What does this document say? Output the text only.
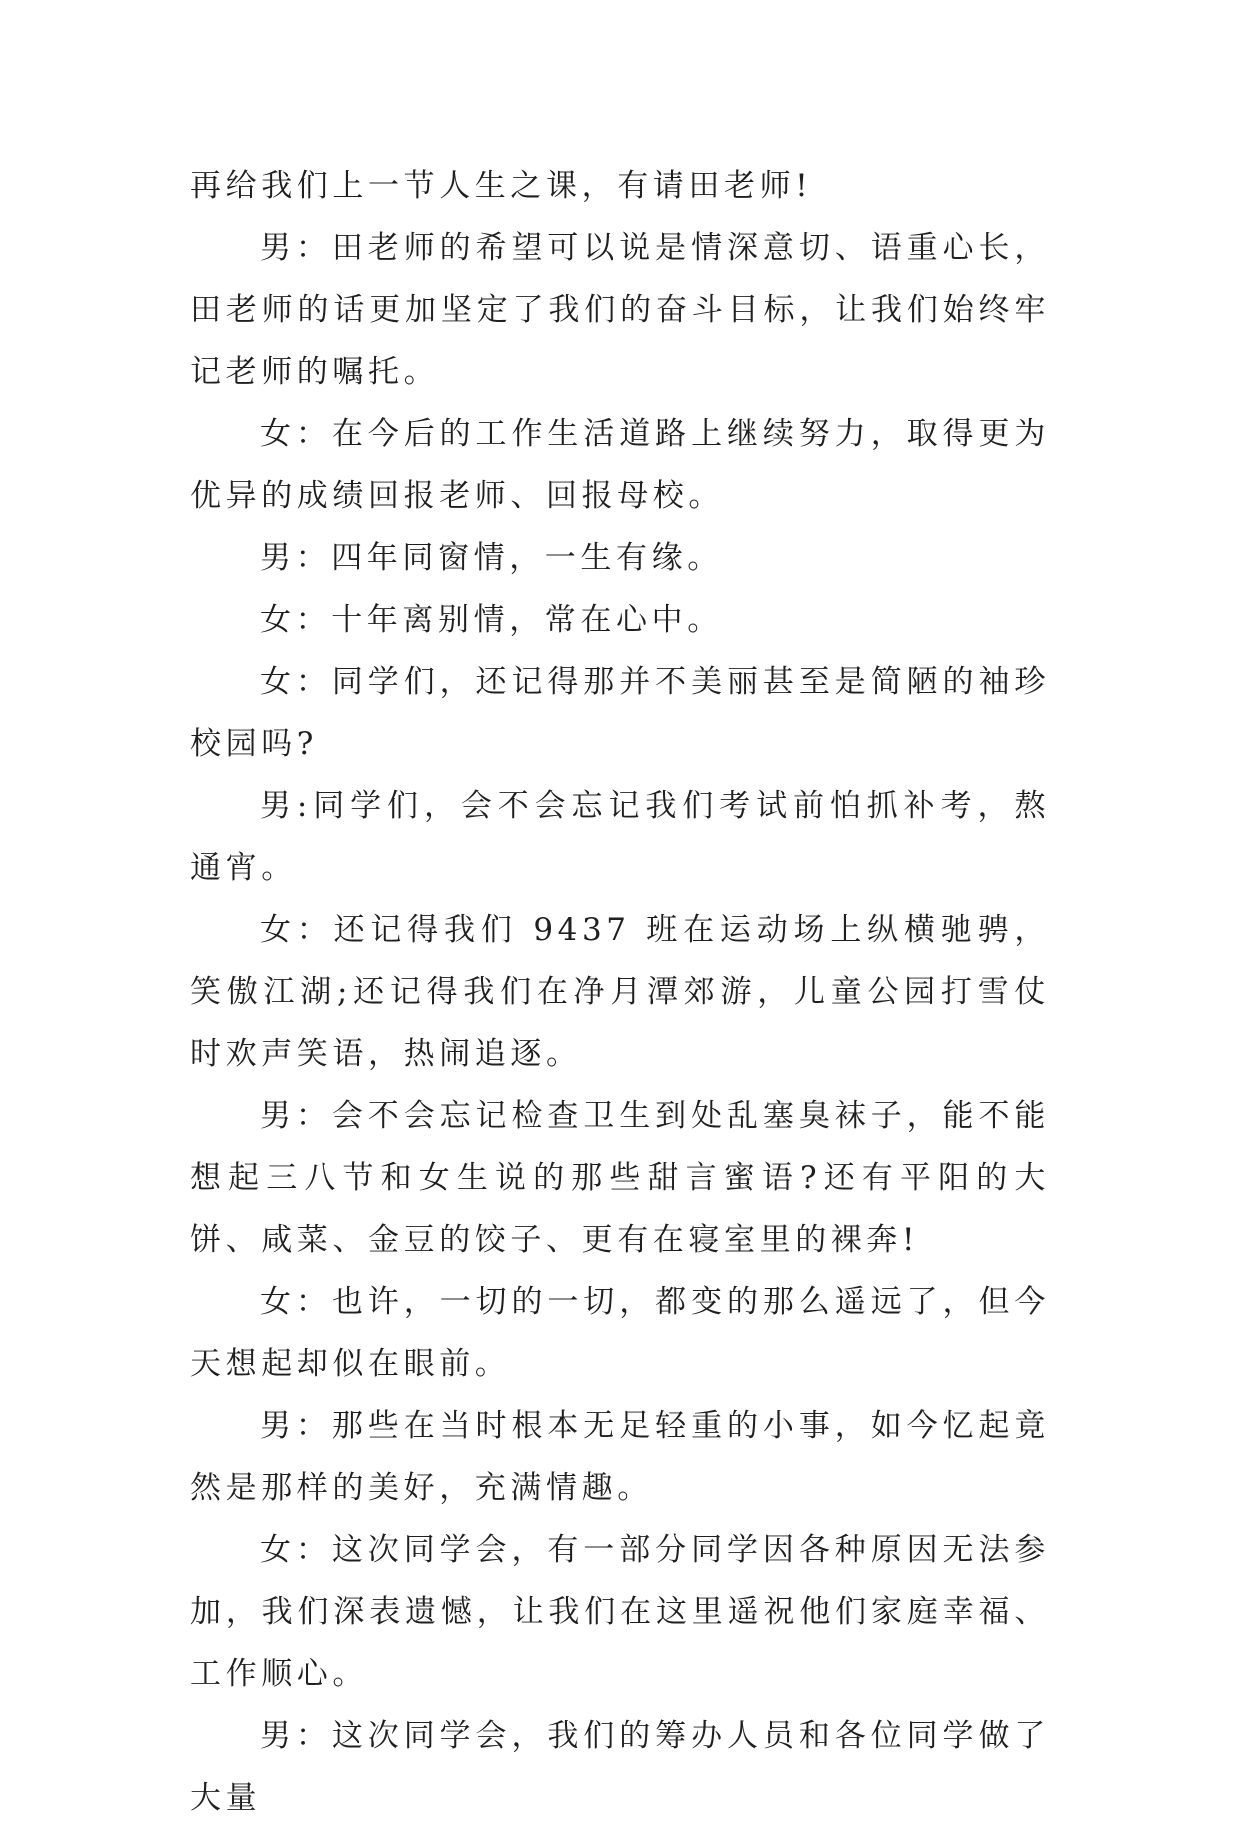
再给我们上一节人生之课，有请田老师!

男：田老师的希望可以说是情深意切、语重心长，田老师的话更加坚定了我们的奋斗目标，让我们始终牢记老师的嘱托。

女：在今后的工作生活道路上继续努力，取得更为优异的成绩回报老师、回报母校。

男：四年同窗情，一生有缘。

女：十年离别情，常在心中。

女：同学们，还记得那并不美丽甚至是简陋的袖珍校园吗?

男:同学们，会不会忘记我们考试前怕抓补考，熬通宵。

女：还记得我们 9437 班在运动场上纵横驰骋，笑傲江湖;还记得我们在净月潭郊游，儿童公园打雪仗时欢声笑语，热闹追逐。

男：会不会忘记检查卫生到处乱塞臭袜子，能不能想起三八节和女生说的那些甜言蜜语?还有平阳的大饼、咸菜、金豆的饺子、更有在寝室里的裸奔!

女：也许，一切的一切，都变的那么遥远了，但今天想起却似在眼前。

男：那些在当时根本无足轻重的小事，如今忆起竟然是那样的美好，充满情趣。

女：这次同学会，有一部分同学因各种原因无法参加，我们深表遗憾，让我们在这里遥祝他们家庭幸福、工作顺心。

男：这次同学会，我们的筹办人员和各位同学做了大量
